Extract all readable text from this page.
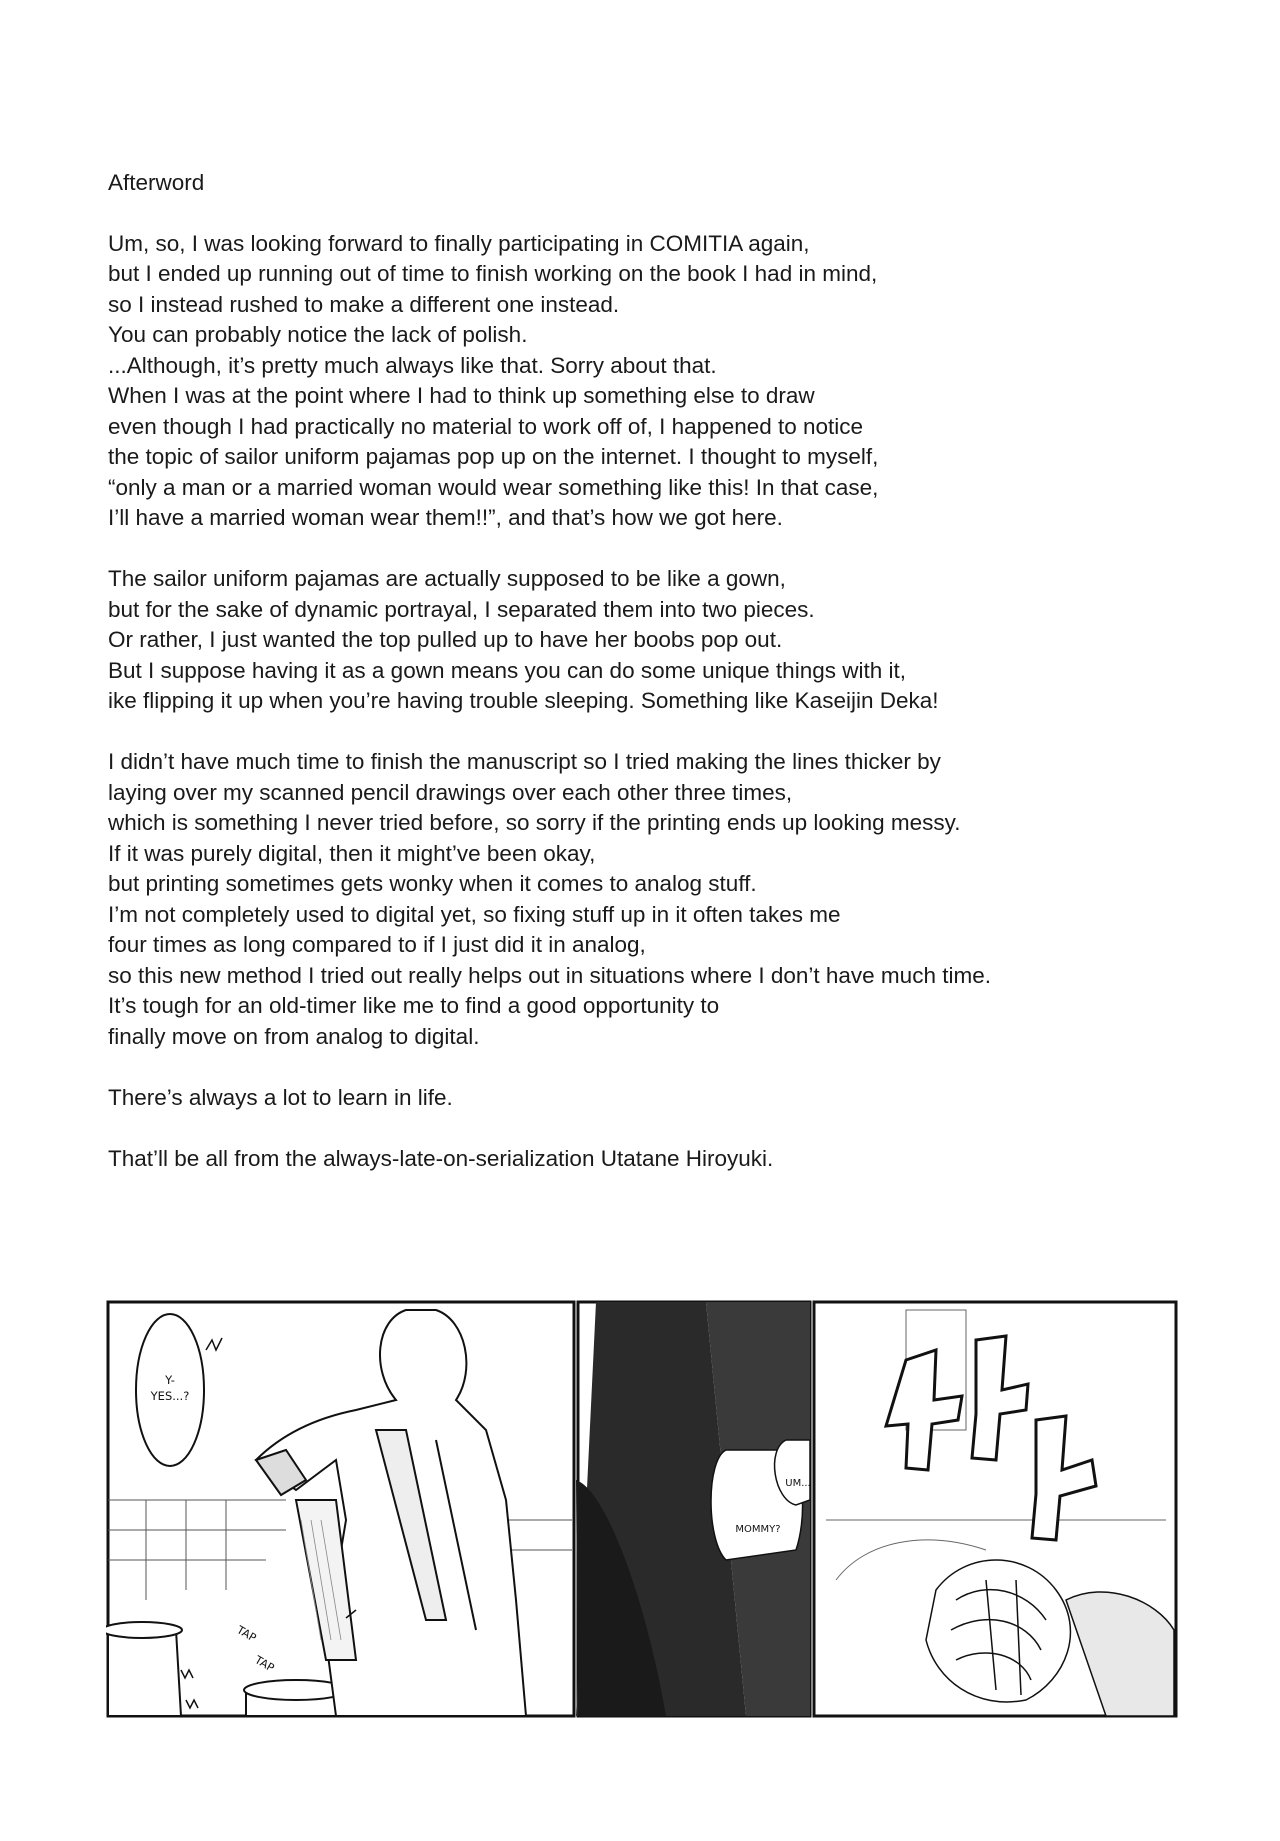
Afterword

Um, so, I was looking forward to finally participating in COMITIA again,
but I ended up running out of time to finish working on the book I had in mind,
so I instead rushed to make a different one instead.
You can probably notice the lack of polish.
...Although, it’s pretty much always like that. Sorry about that.
When I was at the point where I had to think up something else to draw
even though I had practically no material to work off of, I happened to notice
the topic of sailor uniform pajamas pop up on the internet. I thought to myself,
“only a man or a married woman would wear something like this! In that case,
I’ll have a married woman wear them!!”, and that’s how we got here.

The sailor uniform pajamas are actually supposed to be like a gown,
but for the sake of dynamic portrayal, I separated them into two pieces.
Or rather, I just wanted the top pulled up to have her boobs pop out.
But I suppose having it as a gown means you can do some unique things with it,
ike flipping it up when you’re having trouble sleeping. Something like Kaseijin Deka!

I didn’t have much time to finish the manuscript so I tried making the lines thicker by
laying over my scanned pencil drawings over each other three times,
which is something I never tried before, so sorry if the printing ends up looking messy.
If it was purely digital, then it might’ve been okay,
but printing sometimes gets wonky when it comes to analog stuff.
I’m not completely used to digital yet, so fixing stuff up in it often takes me
four times as long compared to if I just did it in analog,
so this new method I tried out really helps out in situations where I don’t have much time.
It’s tough for an old-timer like me to find a good opportunity to
finally move on from analog to digital.

There’s always a lot to learn in life.

That’ll be all from the always-late-on-serialization Utatane Hiroyuki.

Y-
YES...?
TAP
TAP
UM...
MOMMY?
